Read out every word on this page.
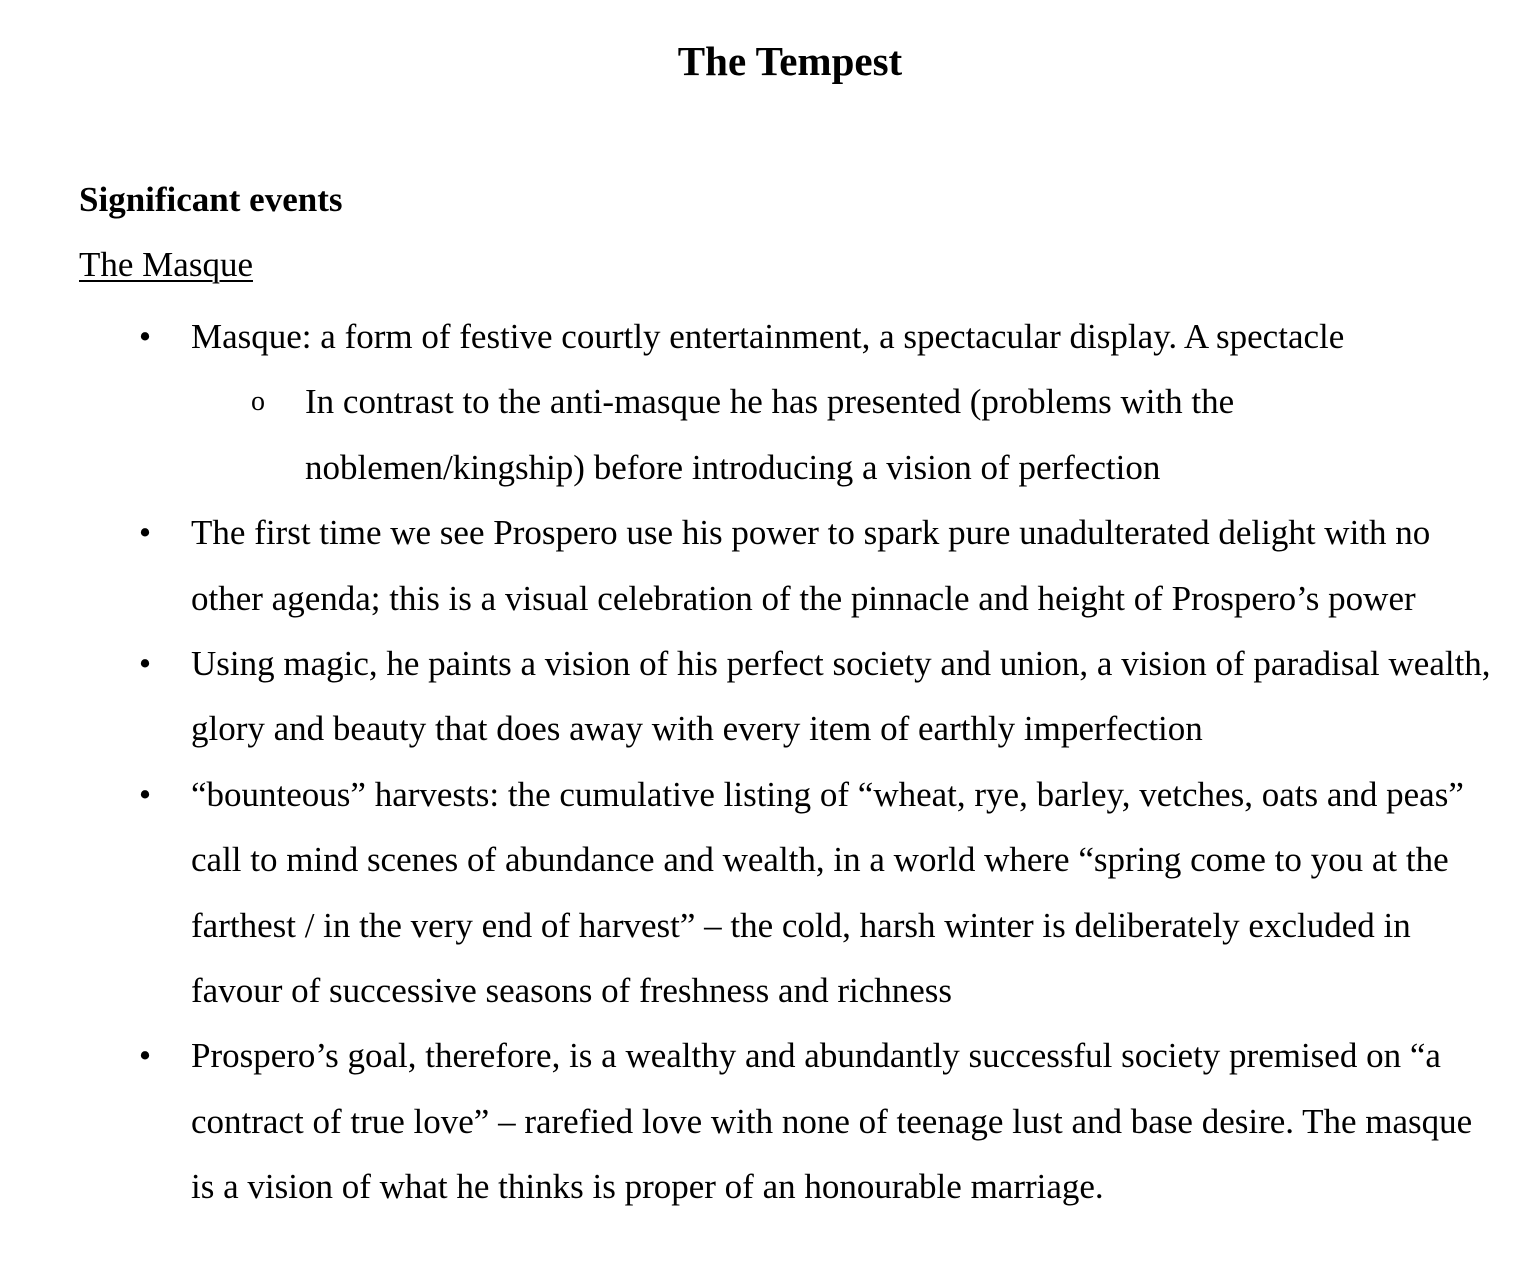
The Tempest
Significant events
The Masque
• Masque: a form of festive courtly entertainment, a spectacular display. A spectacle
o In contrast to the anti-masque he has presented (problems with the noblemen/kingship) before introducing a vision of perfection
• The first time we see Prospero use his power to spark pure unadulterated delight with no other agenda; this is a visual celebration of the pinnacle and height of Prospero’s power
• Using magic, he paints a vision of his perfect society and union, a vision of paradisal wealth, glory and beauty that does away with every item of earthly imperfection
• “bounteous” harvests: the cumulative listing of “wheat, rye, barley, vetches, oats and peas” call to mind scenes of abundance and wealth, in a world where “spring come to you at the farthest / in the very end of harvest” – the cold, harsh winter is deliberately excluded in favour of successive seasons of freshness and richness
• Prospero’s goal, therefore, is a wealthy and abundantly successful society premised on “a contract of true love” – rarefied love with none of teenage lust and base desire. The masque is a vision of what he thinks is proper of an honourable marriage.
